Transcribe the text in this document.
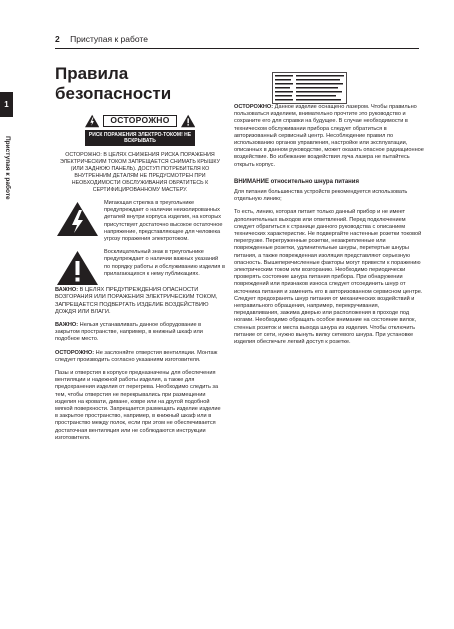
2 Приступая к работе
1
Приступая к работе
Правила безопасности
ОСТОРОЖНО
РИСК ПОРАЖЕНИЯ ЭЛЕКТРО-ТОКОМ! НЕ ВСКРЫВАТЬ
ОСТОРОЖНО: В ЦЕЛЯХ СНИЖЕНИЯ РИСКА ПОРАЖЕНИЯ ЭЛЕКТРИЧЕСКИМ ТОКОМ ЗАПРЕЩАЕТСЯ СНИМАТЬ КРЫШКУ (ИЛИ ЗАДНЮЮ ПАНЕЛЬ). ДОСТУП ПОТРЕБИТЕЛЯ КО ВНУТРЕННИМ ДЕТАЛЯМ НЕ ПРЕДУСМОТРЕН ПРИ НЕОБХОДИМОСТИ ОБСЛУЖИВАНИЯ ОБРАТИТЕСЬ К СЕРТИФИЦИРОВАННОМУ МАСТЕРУ.

Мигающая стрелка в треугольнике предупреждает о наличии неизолированных деталей внутри корпуса изделия, на которых присутствует достаточно высокое остаточное напряжение, представляющее для человека угрозу поражения электротоком.

Восклицательный знак в треугольнике предупреждает о наличии важных указаний по порядку работы и обслуживанию изделия в прилагающихся к нему публикациях.

ВАЖНО: В ЦЕЛЯХ ПРЕДУПРЕЖДЕНИЯ ОПАСНОСТИ ВОЗГОРАНИЯ ИЛИ ПОРАЖЕНИЯ ЭЛЕКТРИЧЕСКИМ ТОКОМ, ЗАПРЕЩАЕТСЯ ПОДВЕРГАТЬ ИЗДЕЛИЕ ВОЗДЕЙСТВИЮ ДОЖДЯ ИЛИ ВЛАГИ.

ВАЖНО: Нельзя устанавливать данное оборудование в закрытом пространстве, например, в книжный шкаф или подобное место.

ОСТОРОЖНО: Не заслоняйте отверстия вентиляции. Монтаж следует производить согласно указаниям изготовителя.

Пазы и отверстия в корпусе предназначены для обеспечения вентиляции и надежной работы изделия, а также для предохранения изделия от перегрева. Необходимо следить за тем, чтобы отверстия не перекрывались при размещении изделия на кровати, диване, ковре или на другой подобной мягкой поверхности. Запрещается размещать изделие изделие в закрытое пространство, например, в книжный шкаф или в пространство между полок, если при этом не обеспечивается достаточная вентиляция или не соблюдаются инструкции изготовителя.

ОСТОРОЖНО: Данное изделие оснащено лазером. Чтобы правильно пользоваться изделием, внимательно прочтите это руководство и сохраните его для справки на будущее. В случае необходимости в техническом обслуживании прибора следует обратиться в авторизованный сервисный центр. Несоблюдение правил по использованию органов управления, настройке или эксплуатации, описанных в данном руководстве, может оказать опасное радиационное воздействие. Во избежание воздействия луча лазера не пытайтесь открыть корпус.

ВНИМАНИЕ относительно шнура питания

Для питания большинства устройств рекомендуется использовать отдельную линию;

То есть, линию, которая питает только данный прибор и не имеет дополнительных выходов или ответвлений. Перед подключением следует обратиться к странице данного руководства с описанием технических характеристик. Не подвергайте настенные розетки токовой перегрузке. Перегруженные розетки, незакрепленные или поврежденные розетки, удлинительные шнуры, перетертые шнуры питания, а также поврежденная изоляция представляют серьезную опасность. Вышеперечисленные факторы могут привести к поражению электрическим током или возгоранию. Необходимо периодически проверять состояние шнура питания прибора. При обнаружении повреждений или признаков износа следует отсоединить шнур от источника питания и заменить его в авторизованном сервисном центре. Следует предохранять шнур питания от механических воздействий и неправильного обращения, например, перекручивания, передавливания, зажима дверью или расположения в проходе под ногами. Необходимо обращать особое внимание на состояние вилок, стенных розеток и места выхода шнура из изделия. Чтобы отключить питание от сети, нужно вынуть вилку сетевого шнура. При установке изделия обеспечьте легкий доступ к розетке.
